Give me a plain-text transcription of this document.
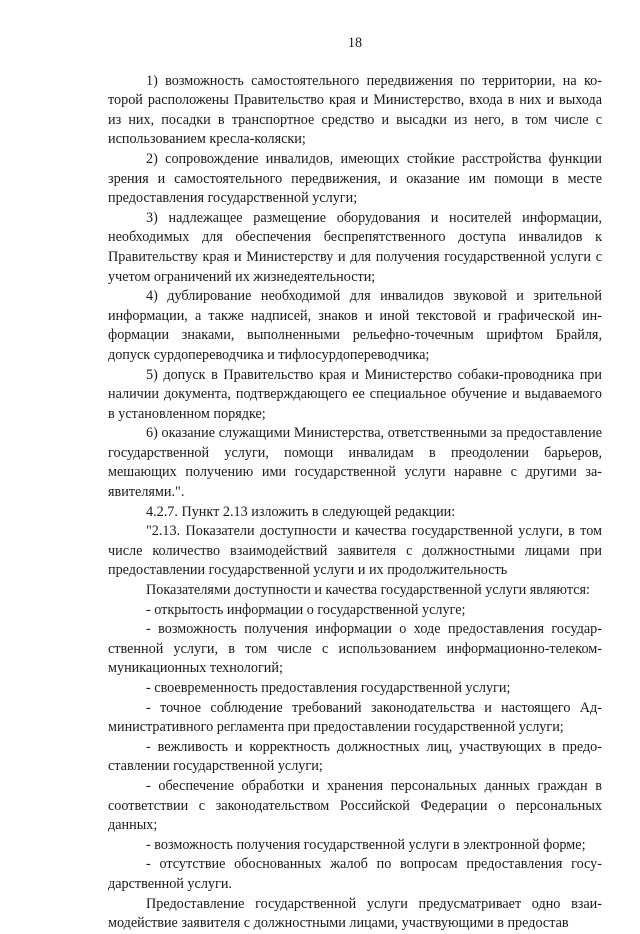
18

1) возможность самостоятельного передвижения по территории, на которой расположены Правительство края и Министерство, входа в них и выхода из них, посадки в транспортное средство и высадки из него, в том числе с использованием кресла-коляски;

2) сопровождение инвалидов, имеющих стойкие расстройства функции зрения и самостоятельного передвижения, и оказание им помощи в месте предоставления государственной услуги;

3) надлежащее размещение оборудования и носителей информации, необходимых для обеспечения беспрепятственного доступа инвалидов к Правительству края и Министерству и для получения государственной услуги с учетом ограничений их жизнедеятельности;

4) дублирование необходимой для инвалидов звуковой и зрительной информации, а также надписей, знаков и иной текстовой и графической информации знаками, выполненными рельефно-точечным шрифтом Брайля, допуск сурдопереводчика и тифлосурдопереводчика;

5) допуск в Правительство края и Министерство собаки-проводника при наличии документа, подтверждающего ее специальное обучение и выдаваемого в установленном порядке;

6) оказание служащими Министерства, ответственными за предоставление государственной услуги, помощи инвалидам в преодолении барьеров, мешающих получению ими государственной услуги наравне с другими заявителями.".

4.2.7. Пункт 2.13 изложить в следующей редакции:

"2.13. Показатели доступности и качества государственной услуги, в том числе количество взаимодействий заявителя с должностными лицами при предоставлении государственной услуги и их продолжительность

Показателями доступности и качества государственной услуги являются:

- открытость информации о государственной услуге;

- возможность получения информации о ходе предоставления государственной услуги, в том числе с использованием информационно-телекоммуникационных технологий;

- своевременность предоставления государственной услуги;

- точное соблюдение требований законодательства и настоящего Административного регламента при предоставлении государственной услуги;

- вежливость и корректность должностных лиц, участвующих в предоставлении государственной услуги;

- обеспечение обработки и хранения персональных данных граждан в соответствии с законодательством Российской Федерации о персональных данных;

- возможность получения государственной услуги в электронной форме;

- отсутствие обоснованных жалоб по вопросам предоставления государственной услуги.

Предоставление государственной услуги предусматривает одно взаимодействие заявителя с должностными лицами, участвующими в предостав
